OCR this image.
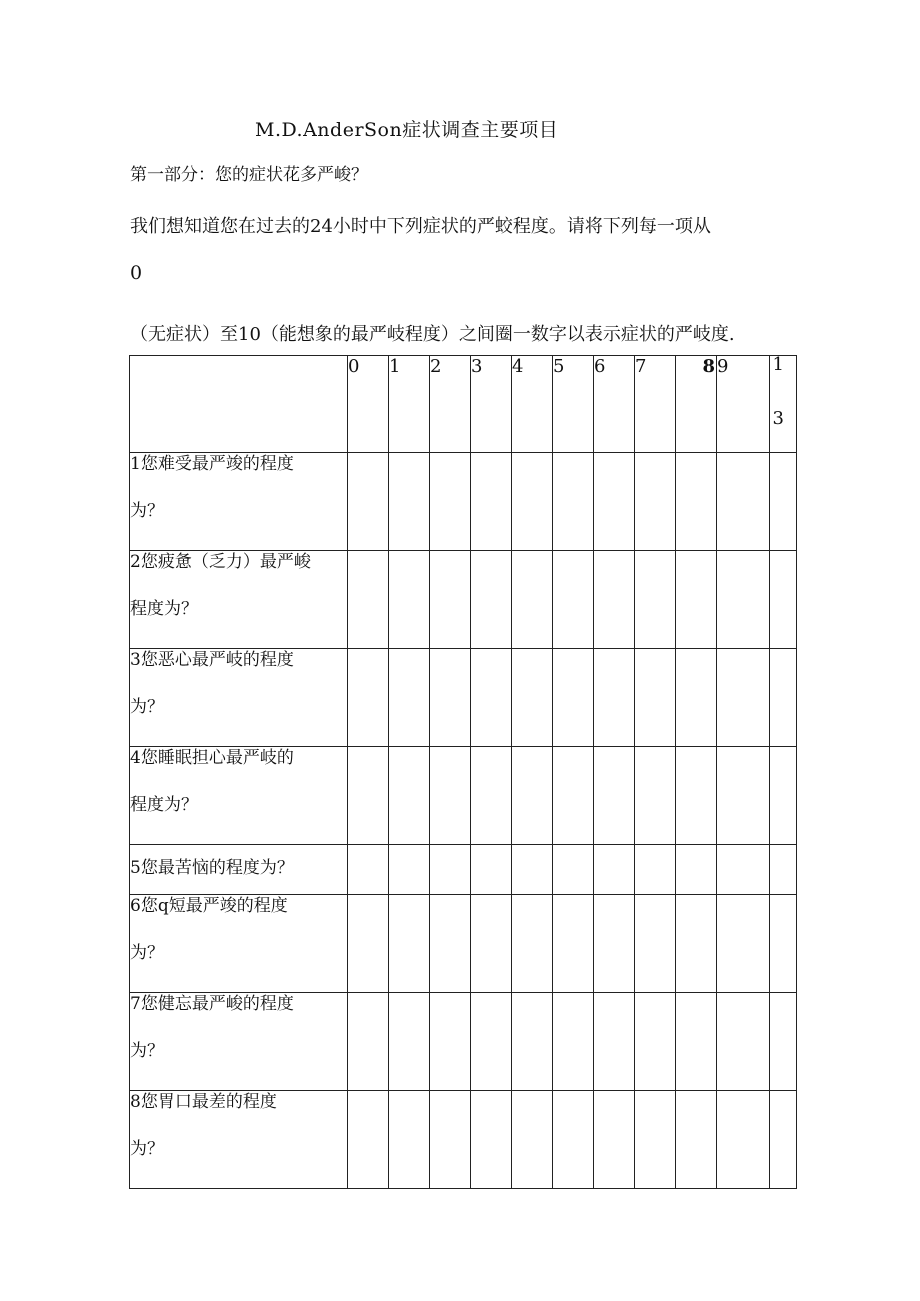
M.D.AnderSon症状调查主要项目
第一部分：您的症状花多严峻？
我们想知道您在过去的24小时中下列症状的严蛟程度。请将下列每一项从
0
（无症状）至10（能想象的最严岐程度）之间圈一数字以表示症状的严岐度.
	0	1	2	3	4	5	6	7	8	9	1
3

1您难受最严竣的程度
为？											

2您疲惫（乏力）最严峻
程度为？											

3您恶心最严岐的程度
为？											

4您睡眠担心最严岐的
程度为？											

5您最苦恼的程度为？											

6您q短最严竣的程度
为？											

7您健忘最严峻的程度
为？											

8您胃口最差的程度
为？											
